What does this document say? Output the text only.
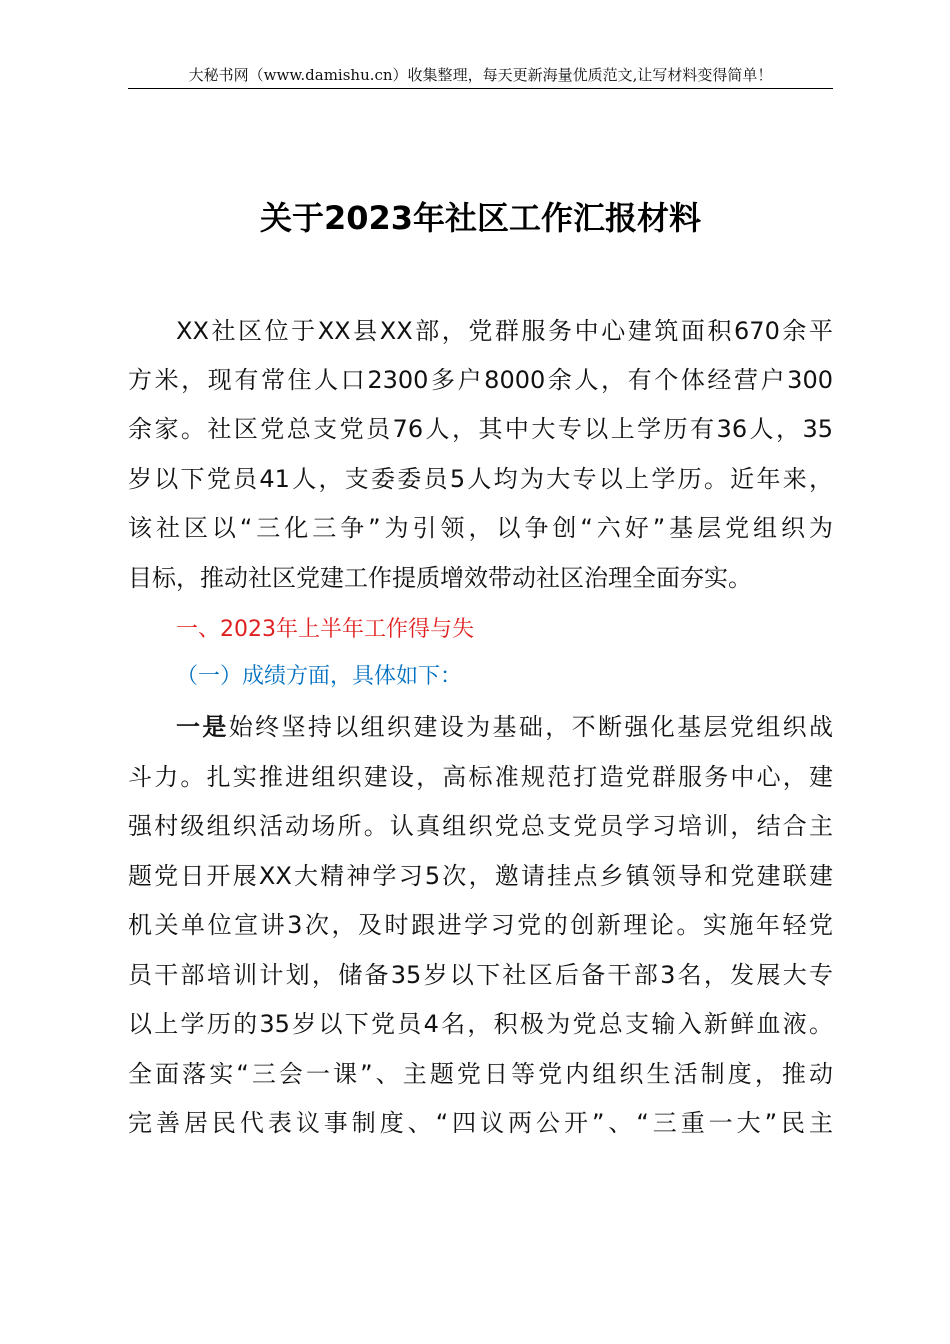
大秘书网（www.damishu.cn）收集整理，每天更新海量优质范文,让写材料变得简单！
关于2023年社区工作汇报材料
XX社区位于XX县XX部，党群服务中心建筑面积670余平
方米，现有常住人口2300多户8000余人，有个体经营户300
余家。社区党总支党员76人，其中大专以上学历有36人，35
岁以下党员41人，支委委员5人均为大专以上学历。近年来，
该社区以“三化三争”为引领，以争创“六好”基层党组织为
目标，推动社区党建工作提质增效带动社区治理全面夯实。
一、2023年上半年工作得与失
（一）成绩方面，具体如下：
一是始终坚持以组织建设为基础，不断强化基层党组织战
斗力。扎实推进组织建设，高标准规范打造党群服务中心，建
强村级组织活动场所。认真组织党总支党员学习培训，结合主
题党日开展XX大精神学习5次，邀请挂点乡镇领导和党建联建
机关单位宣讲3次，及时跟进学习党的创新理论。实施年轻党
员干部培训计划，储备35岁以下社区后备干部3名，发展大专
以上学历的35岁以下党员4名，积极为党总支输入新鲜血液。
全面落实“三会一课”、主题党日等党内组织生活制度，推动
完善居民代表议事制度、“四议两公开”、“三重一大”民主
